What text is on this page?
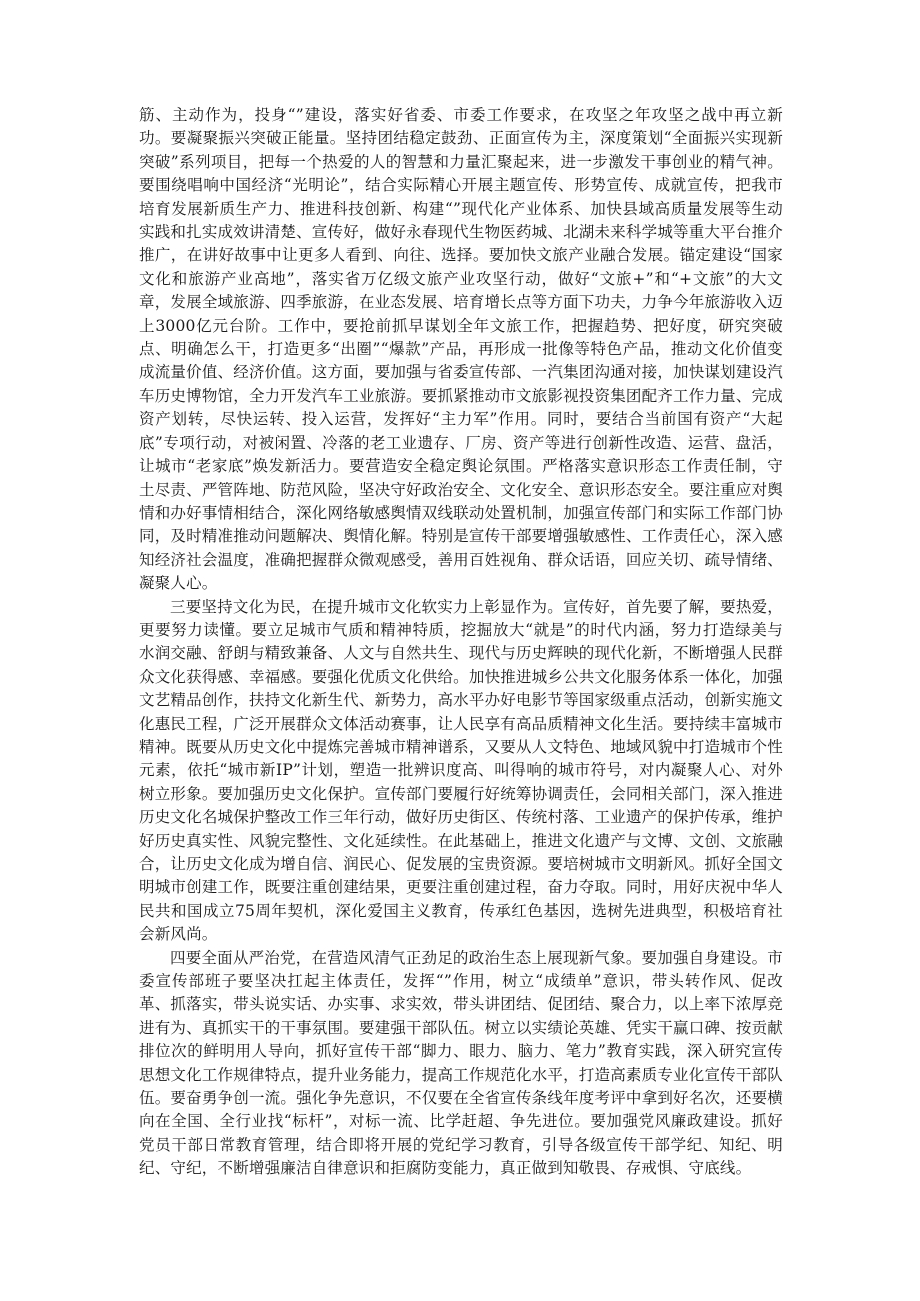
筋、主动作为，投身“”建设，落实好省委、市委工作要求，在攻坚之年攻坚之战中再立新功。要凝聚振兴突破正能量。坚持团结稳定鼓劲、正面宣传为主，深度策划“全面振兴实现新突破”系列项目，把每一个热爱的人的智慧和力量汇聚起来，进一步激发干事创业的精气神。要围绕唱响中国经济“光明论”，结合实际精心开展主题宣传、形势宣传、成就宣传，把我市培育发展新质生产力、推进科技创新、构建“”现代化产业体系、加快县域高质量发展等生动实践和扎实成效讲清楚、宣传好，做好永春现代生物医药城、北湖未来科学城等重大平台推介推广，在讲好故事中让更多人看到、向往、选择。要加快文旅产业融合发展。锚定建设“国家文化和旅游产业高地”，落实省万亿级文旅产业攻坚行动，做好“文旅+”和“+文旅”的大文章，发展全域旅游、四季旅游，在业态发展、培育增长点等方面下功夫，力争今年旅游收入迈上3000亿元台阶。工作中，要抢前抓早谋划全年文旅工作，把握趋势、把好度，研究突破点、明确怎么干，打造更多“出圈”“爆款”产品，再形成一批像等特色产品，推动文化价值变成流量价值、经济价值。这方面，要加强与省委宣传部、一汽集团沟通对接，加快谋划建设汽车历史博物馆，全力开发汽车工业旅游。要抓紧推动市文旅影视投资集团配齐工作力量、完成资产划转，尽快运转、投入运营，发挥好“主力军”作用。同时，要结合当前国有资产“大起底”专项行动，对被闲置、冷落的老工业遗存、厂房、资产等进行创新性改造、运营、盘活，让城市“老家底”焕发新活力。要营造安全稳定舆论氛围。严格落实意识形态工作责任制，守土尽责、严管阵地、防范风险，坚决守好政治安全、文化安全、意识形态安全。要注重应对舆情和办好事情相结合，深化网络敏感舆情双线联动处置机制，加强宣传部门和实际工作部门协同，及时精准推动问题解决、舆情化解。特别是宣传干部要增强敏感性、工作责任心，深入感知经济社会温度，准确把握群众微观感受，善用百姓视角、群众话语，回应关切、疏导情绪、凝聚人心。

三要坚持文化为民，在提升城市文化软实力上彰显作为。宣传好，首先要了解，要热爱，更要努力读懂。要立足城市气质和精神特质，挖掘放大“就是”的时代内涵，努力打造绿美与水润交融、舒朗与精致兼备、人文与自然共生、现代与历史辉映的现代化新，不断增强人民群众文化获得感、幸福感。要强化优质文化供给。加快推进城乡公共文化服务体系一体化，加强文艺精品创作，扶持文化新生代、新势力，高水平办好电影节等国家级重点活动，创新实施文化惠民工程，广泛开展群众文体活动赛事，让人民享有高品质精神文化生活。要持续丰富城市精神。既要从历史文化中提炼完善城市精神谱系，又要从人文特色、地域风貌中打造城市个性元素，依托“城市新IP”计划，塑造一批辨识度高、叫得响的城市符号，对内凝聚人心、对外树立形象。要加强历史文化保护。宣传部门要履行好统筹协调责任，会同相关部门，深入推进历史文化名城保护整改工作三年行动，做好历史街区、传统村落、工业遗产的保护传承，维护好历史真实性、风貌完整性、文化延续性。在此基础上，推进文化遗产与文博、文创、文旅融合，让历史文化成为增自信、润民心、促发展的宝贵资源。要培树城市文明新风。抓好全国文明城市创建工作，既要注重创建结果，更要注重创建过程，奋力夺取。同时，用好庆祝中华人民共和国成立75周年契机，深化爱国主义教育，传承红色基因，选树先进典型，积极培育社会新风尚。

四要全面从严治党，在营造风清气正劲足的政治生态上展现新气象。要加强自身建设。市委宣传部班子要坚决扛起主体责任，发挥“”作用，树立“成绩单”意识，带头转作风、促改革、抓落实，带头说实话、办实事、求实效，带头讲团结、促团结、聚合力，以上率下浓厚竞进有为、真抓实干的干事氛围。要建强干部队伍。树立以实绩论英雄、凭实干赢口碑、按贡献排位次的鲜明用人导向，抓好宣传干部“脚力、眼力、脑力、笔力”教育实践，深入研究宣传思想文化工作规律特点，提升业务能力，提高工作规范化水平，打造高素质专业化宣传干部队伍。要奋勇争创一流。强化争先意识，不仅要在全省宣传条线年度考评中拿到好名次，还要横向在全国、全行业找“标杆”，对标一流、比学赶超、争先进位。要加强党风廉政建设。抓好党员干部日常教育管理，结合即将开展的党纪学习教育，引导各级宣传干部学纪、知纪、明纪、守纪，不断增强廉洁自律意识和拒腐防变能力，真正做到知敬畏、存戒惧、守底线。
